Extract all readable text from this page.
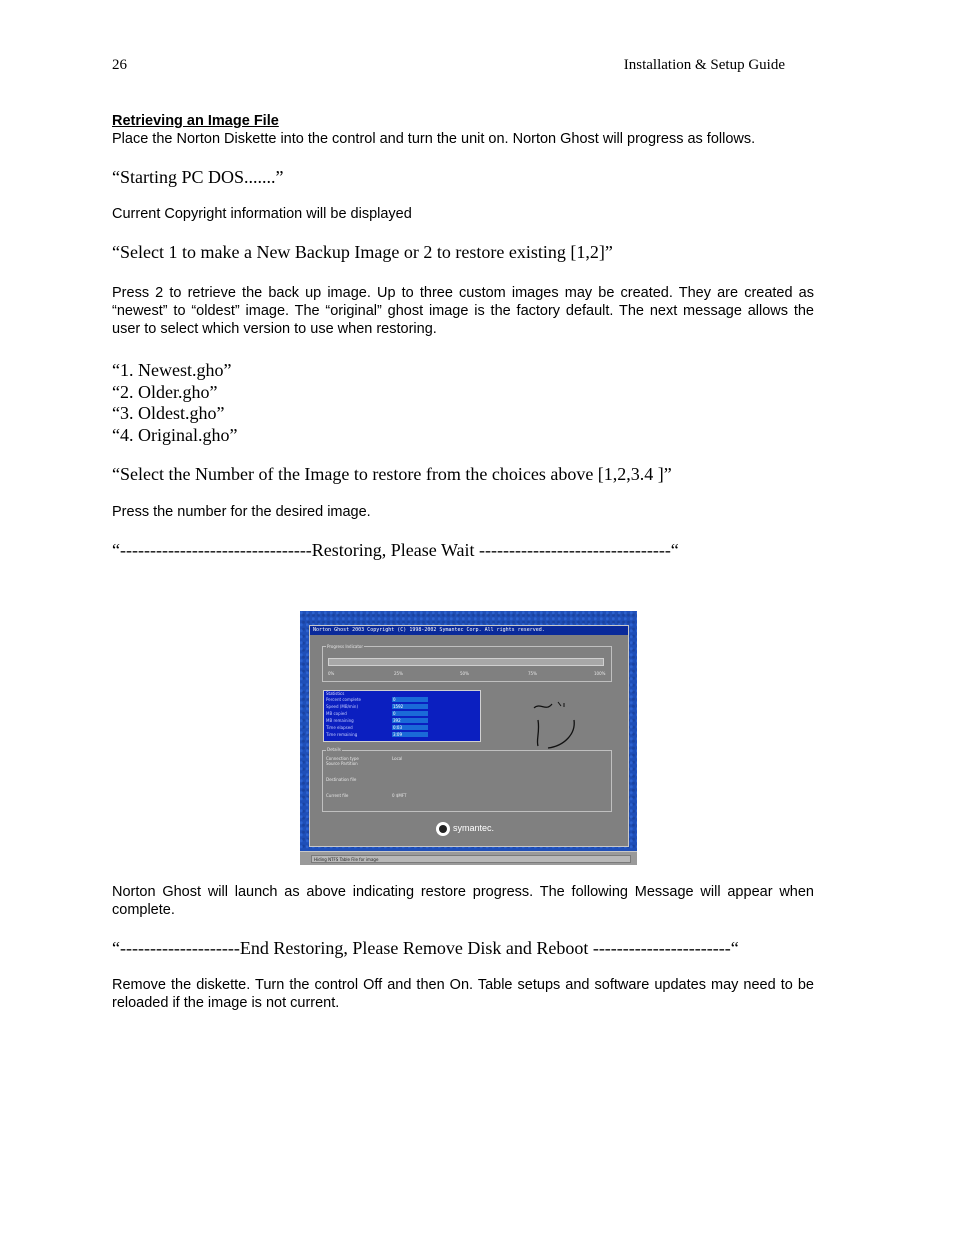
26	Installation & Setup Guide
Retrieving an Image File
Place the Norton Diskette into the control and turn the unit on. Norton Ghost will progress as follows.
“Starting PC DOS.......”
Current Copyright information will be displayed
“Select 1 to make a New Backup Image or 2 to restore existing [1,2]”
Press 2 to retrieve the back up image. Up to three custom images may be created. They are created as “newest” to “oldest” image. The “original” ghost image is the factory default. The next message allows the user to select which version to use when restoring.
“1. Newest.gho”
“2. Older.gho”
“3. Oldest.gho”
“4. Original.gho”
“Select the Number of the Image to restore from the choices above [1,2,3.4 ]”
Press the number for the desired image.
“--------------------------------Restoring, Please Wait --------------------------------“
Norton Ghost 2003 Copyright (C) 1998-2002 Symantec Corp. All rights reserved.
Progress Indicator
0%	25%	50%	75%	100%
Statistics
Percent complete	0
Speed (MB/min)	1592
MB copied	0
MB remaining	392
Time elapsed	0:03
Time remaining	3:09
Details
Connection type	Local
Source Partition
Destination file
Current file	0 $MFT
symantec.
Hiding NTFS Table File for image
Norton Ghost will launch as above indicating restore progress. The following Message will appear when complete.
“--------------------End Restoring, Please Remove Disk and Reboot -----------------------“
Remove the diskette. Turn the control Off and then On. Table setups and software updates may need to be reloaded if the image is not current.
